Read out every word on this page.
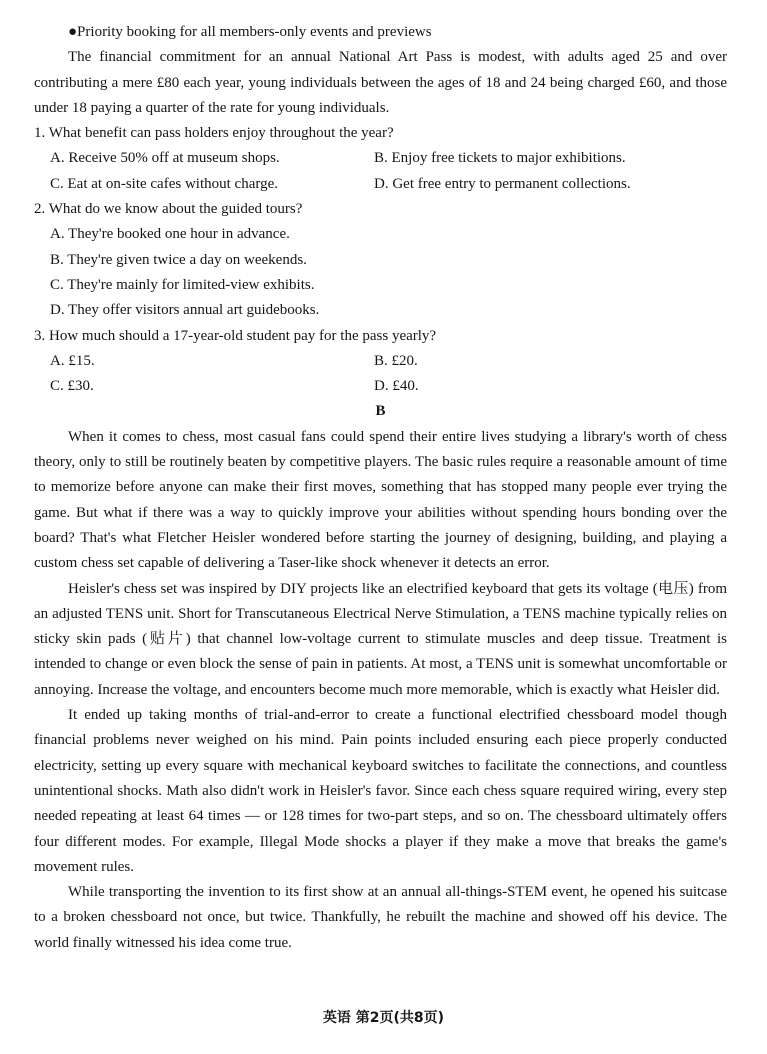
●Priority booking for all members-only events and previews

The financial commitment for an annual National Art Pass is modest, with adults aged 25 and over contributing a mere £80 each year, young individuals between the ages of 18 and 24 being charged £60, and those under 18 paying a quarter of the rate for young individuals.

1. What benefit can pass holders enjoy throughout the year?

A. Receive 50% off at museum shops.	B. Enjoy free tickets to major exhibitions.
C. Eat at on-site cafes without charge.	D. Get free entry to permanent collections.

2. What do we know about the guided tours?

A. They're booked one hour in advance.

B. They're given twice a day on weekends.

C. They're mainly for limited-view exhibits.

D. They offer visitors annual art guidebooks.

3. How much should a 17-year-old student pay for the pass yearly?

A. £15.	B. £20.
C. £30.	D. £40.

B

When it comes to chess, most casual fans could spend their entire lives studying a library's worth of chess theory, only to still be routinely beaten by competitive players. The basic rules require a reasonable amount of time to memorize before anyone can make their first moves, something that has stopped many people ever trying the game. But what if there was a way to quickly improve your abilities without spending hours bonding over the board? That's what Fletcher Heisler wondered before starting the journey of designing, building, and playing a custom chess set capable of delivering a Taser-like shock whenever it detects an error.

Heisler's chess set was inspired by DIY projects like an electrified keyboard that gets its voltage (电压) from an adjusted TENS unit. Short for Transcutaneous Electrical Nerve Stimulation, a TENS machine typically relies on sticky skin pads (贴片) that channel low-voltage current to stimulate muscles and deep tissue. Treatment is intended to change or even block the sense of pain in patients. At most, a TENS unit is somewhat uncomfortable or annoying. Increase the voltage, and encounters become much more memorable, which is exactly what Heisler did.

It ended up taking months of trial-and-error to create a functional electrified chessboard model though financial problems never weighed on his mind. Pain points included ensuring each piece properly conducted electricity, setting up every square with mechanical keyboard switches to facilitate the connections, and countless unintentional shocks. Math also didn't work in Heisler's favor. Since each chess square required wiring, every step needed repeating at least 64 times — or 128 times for two-part steps, and so on. The chessboard ultimately offers four different modes. For example, Illegal Mode shocks a player if they make a move that breaks the game's movement rules.

While transporting the invention to its first show at an annual all-things-STEM event, he opened his suitcase to a broken chessboard not once, but twice. Thankfully, he rebuilt the machine and showed off his device. The world finally witnessed his idea come true.

英语 第2页(共8页)
